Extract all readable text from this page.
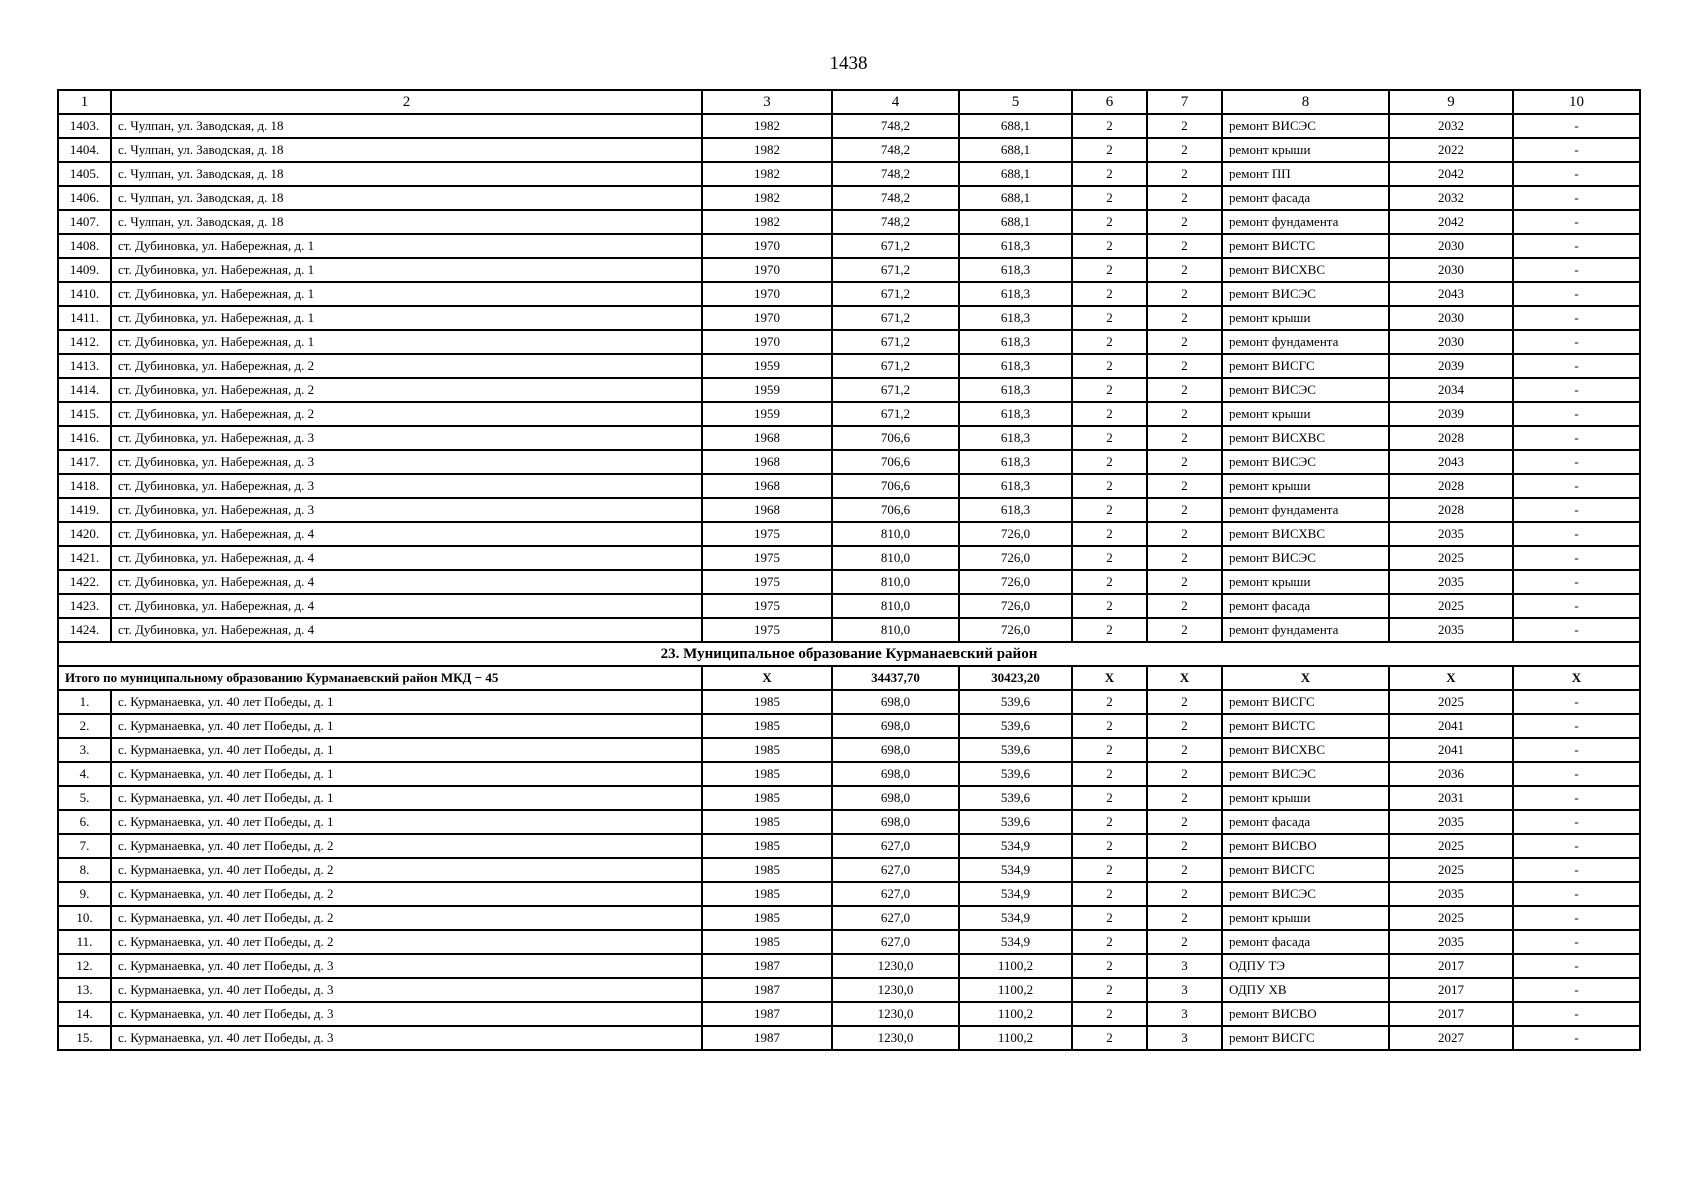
1438
1	2	3	4	5	6	7	8	9	10
1403.	с. Чулпан, ул. Заводская, д. 18	1982	748,2	688,1	2	2	ремонт ВИСЭС	2032	-
1404.	с. Чулпан, ул. Заводская, д. 18	1982	748,2	688,1	2	2	ремонт крыши	2022	-
1405.	с. Чулпан, ул. Заводская, д. 18	1982	748,2	688,1	2	2	ремонт ПП	2042	-
1406.	с. Чулпан, ул. Заводская, д. 18	1982	748,2	688,1	2	2	ремонт фасада	2032	-
1407.	с. Чулпан, ул. Заводская, д. 18	1982	748,2	688,1	2	2	ремонт фундамента	2042	-
1408.	ст. Дубиновка, ул. Набережная, д. 1	1970	671,2	618,3	2	2	ремонт ВИСТС	2030	-
1409.	ст. Дубиновка, ул. Набережная, д. 1	1970	671,2	618,3	2	2	ремонт ВИСХВС	2030	-
1410.	ст. Дубиновка, ул. Набережная, д. 1	1970	671,2	618,3	2	2	ремонт ВИСЭС	2043	-
1411.	ст. Дубиновка, ул. Набережная, д. 1	1970	671,2	618,3	2	2	ремонт крыши	2030	-
1412.	ст. Дубиновка, ул. Набережная, д. 1	1970	671,2	618,3	2	2	ремонт фундамента	2030	-
1413.	ст. Дубиновка, ул. Набережная, д. 2	1959	671,2	618,3	2	2	ремонт ВИСГС	2039	-
1414.	ст. Дубиновка, ул. Набережная, д. 2	1959	671,2	618,3	2	2	ремонт ВИСЭС	2034	-
1415.	ст. Дубиновка, ул. Набережная, д. 2	1959	671,2	618,3	2	2	ремонт крыши	2039	-
1416.	ст. Дубиновка, ул. Набережная, д. 3	1968	706,6	618,3	2	2	ремонт ВИСХВС	2028	-
1417.	ст. Дубиновка, ул. Набережная, д. 3	1968	706,6	618,3	2	2	ремонт ВИСЭС	2043	-
1418.	ст. Дубиновка, ул. Набережная, д. 3	1968	706,6	618,3	2	2	ремонт крыши	2028	-
1419.	ст. Дубиновка, ул. Набережная, д. 3	1968	706,6	618,3	2	2	ремонт фундамента	2028	-
1420.	ст. Дубиновка, ул. Набережная, д. 4	1975	810,0	726,0	2	2	ремонт ВИСХВС	2035	-
1421.	ст. Дубиновка, ул. Набережная, д. 4	1975	810,0	726,0	2	2	ремонт ВИСЭС	2025	-
1422.	ст. Дубиновка, ул. Набережная, д. 4	1975	810,0	726,0	2	2	ремонт крыши	2035	-
1423.	ст. Дубиновка, ул. Набережная, д. 4	1975	810,0	726,0	2	2	ремонт фасада	2025	-
1424.	ст. Дубиновка, ул. Набережная, д. 4	1975	810,0	726,0	2	2	ремонт фундамента	2035	-
23. Муниципальное образование Курманаевский район									
Итого по муниципальному образованию Курманаевский район МКД − 45		Х	34437,70	30423,20	Х	Х	Х	Х	Х
1.	с. Курманаевка, ул. 40 лет Победы, д. 1	1985	698,0	539,6	2	2	ремонт ВИСГС	2025	-
2.	с. Курманаевка, ул. 40 лет Победы, д. 1	1985	698,0	539,6	2	2	ремонт ВИСТС	2041	-
3.	с. Курманаевка, ул. 40 лет Победы, д. 1	1985	698,0	539,6	2	2	ремонт ВИСХВС	2041	-
4.	с. Курманаевка, ул. 40 лет Победы, д. 1	1985	698,0	539,6	2	2	ремонт ВИСЭС	2036	-
5.	с. Курманаевка, ул. 40 лет Победы, д. 1	1985	698,0	539,6	2	2	ремонт крыши	2031	-
6.	с. Курманаевка, ул. 40 лет Победы, д. 1	1985	698,0	539,6	2	2	ремонт фасада	2035	-
7.	с. Курманаевка, ул. 40 лет Победы, д. 2	1985	627,0	534,9	2	2	ремонт ВИСВО	2025	-
8.	с. Курманаевка, ул. 40 лет Победы, д. 2	1985	627,0	534,9	2	2	ремонт ВИСГС	2025	-
9.	с. Курманаевка, ул. 40 лет Победы, д. 2	1985	627,0	534,9	2	2	ремонт ВИСЭС	2035	-
10.	с. Курманаевка, ул. 40 лет Победы, д. 2	1985	627,0	534,9	2	2	ремонт крыши	2025	-
11.	с. Курманаевка, ул. 40 лет Победы, д. 2	1985	627,0	534,9	2	2	ремонт фасада	2035	-
12.	с. Курманаевка, ул. 40 лет Победы, д. 3	1987	1230,0	1100,2	2	3	ОДПУ ТЭ	2017	-
13.	с. Курманаевка, ул. 40 лет Победы, д. 3	1987	1230,0	1100,2	2	3	ОДПУ ХВ	2017	-
14.	с. Курманаевка, ул. 40 лет Победы, д. 3	1987	1230,0	1100,2	2	3	ремонт ВИСВО	2017	-
15.	с. Курманаевка, ул. 40 лет Победы, д. 3	1987	1230,0	1100,2	2	3	ремонт ВИСГС	2027	-
